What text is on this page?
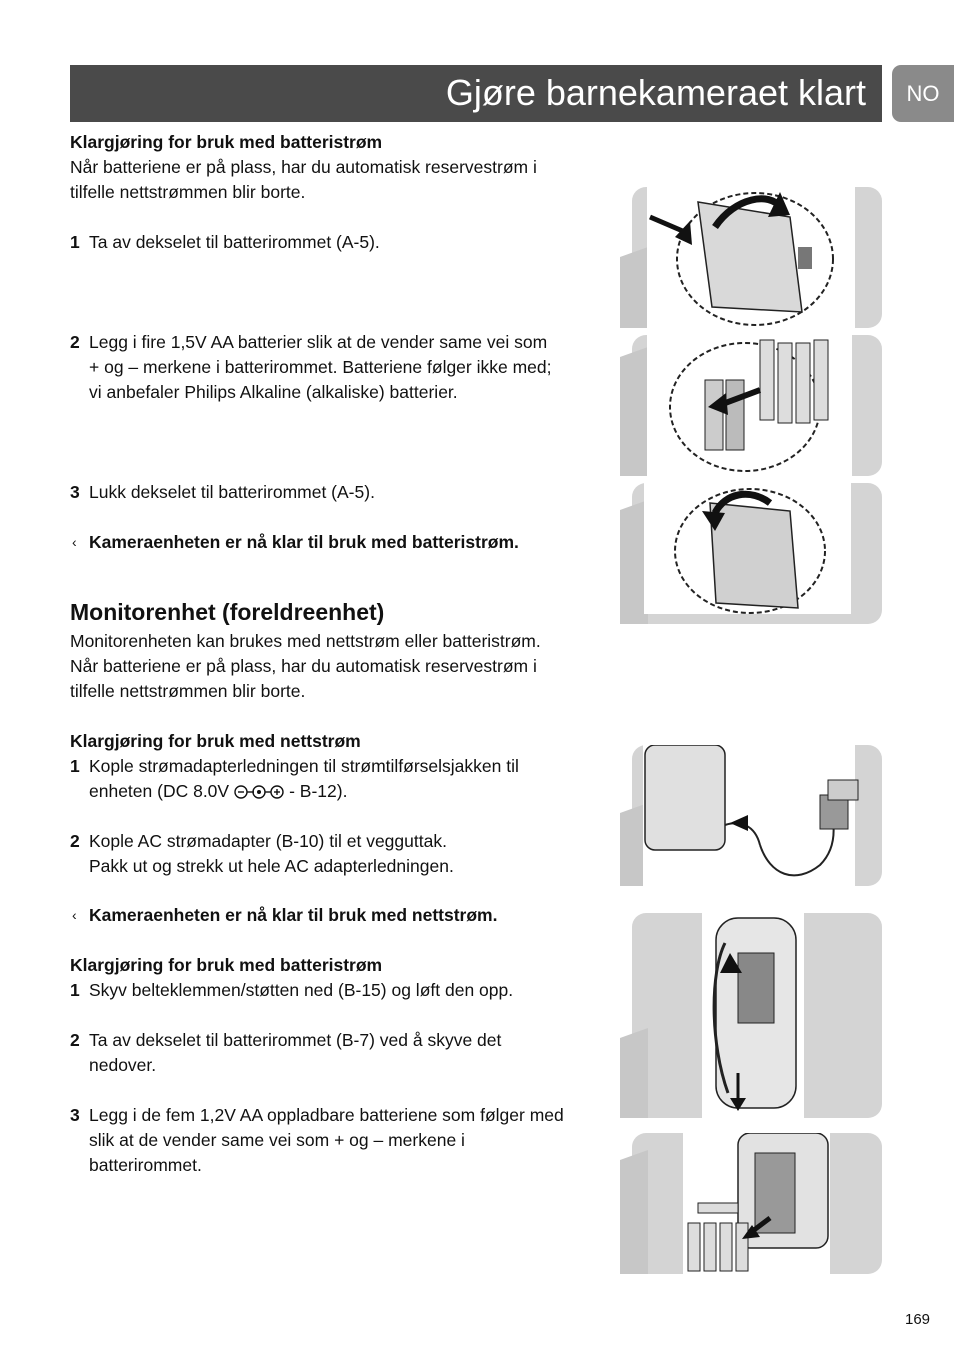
Gjøre barnekameraet klart	NO

Klargjøring for bruk med batteristrøm

Når batteriene er på plass, har du automatisk reservestrøm i

tilfelle nettstrømmen blir borte.

1 Ta av dekselet til batterirommet (A-5).
2 Legg i fire 1,5V AA batterier slik at de vender same vei som
+ og – merkene i batterirommet. Batteriene følger ikke med;
vi anbefaler Philips Alkaline (alkaliske) batterier.
3 Lukk dekselet til batterirommet (A-5).
‹ Kameraenheten er nå klar til bruk med batteristrøm.

Monitorenhet (foreldreenhet)

Monitorenheten kan brukes med nettstrøm eller batteristrøm.

Når batteriene er på plass, har du automatisk reservestrøm i

tilfelle nettstrømmen blir borte.

Klargjøring for bruk med nettstrøm

1 Kople strømadapterledningen til strømtilførselsjakken til
enheten (DC 8.0V	- B-12).
2 Kople AC strømadapter (B-10) til et vegguttak.
Pakk ut og strekk ut hele AC adapterledningen.
‹ Kameraenheten er nå klar til bruk med nettstrøm.

Klargjøring for bruk med batteristrøm

1 Skyv belteklemmen/støtten ned (B-15) og løft den opp.
2 Ta av dekselet til batterirommet (B-7) ved å skyve det
nedover.
3 Legg i de fem 1,2V AA oppladbare batteriene som følger med
slik at de vender same vei som + og – merkene i
batterirommet.
169
